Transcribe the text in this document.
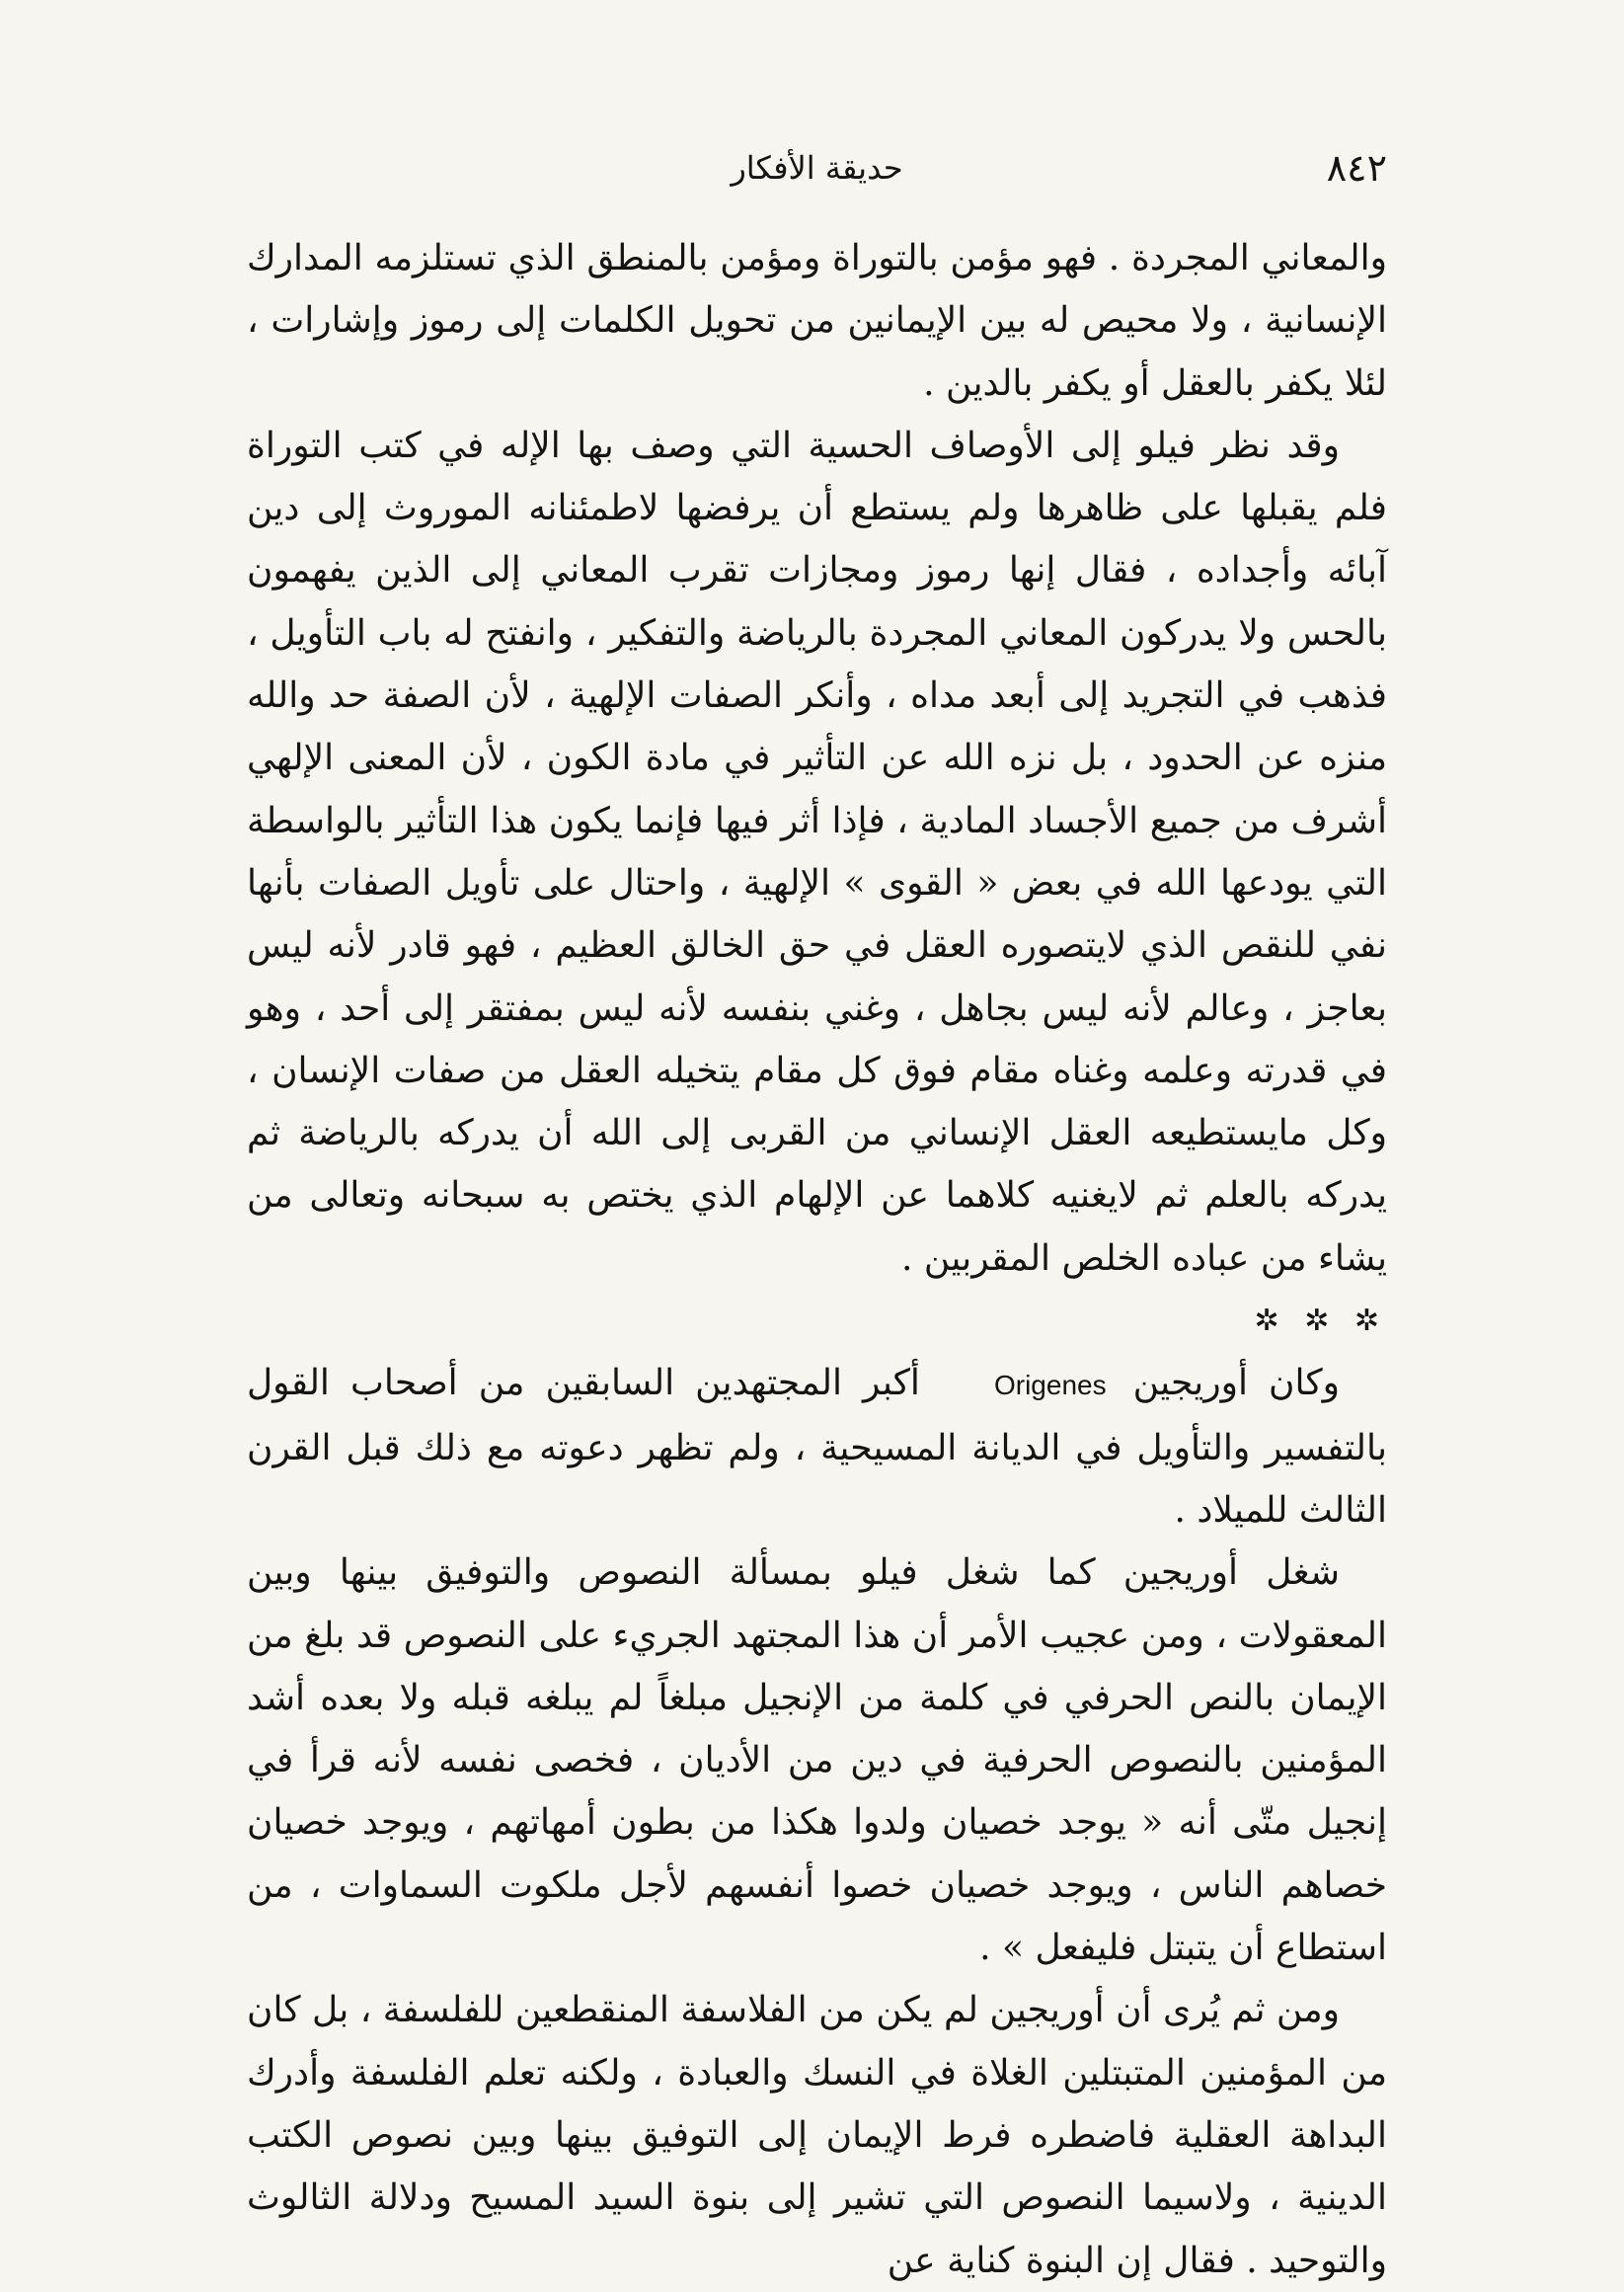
٨٤٢
حديقة الأفكار

والمعاني المجردة . فهو مؤمن بالتوراة ومؤمن بالمنطق الذي تستلزمه المدارك الإنسانية ، ولا محيص له بين الإيمانين من تحويل الكلمات إلى رموز وإشارات ، لئلا يكفر بالعقل أو يكفر بالدين .

وقد نظر فيلو إلى الأوصاف الحسية التي وصف بها الإله في كتب التوراة فلم يقبلها على ظاهرها ولم يستطع أن يرفضها لاطمئنانه الموروث إلى دين آبائه وأجداده ، فقال إنها رموز ومجازات تقرب المعاني إلى الذين يفهمون بالحس ولا يدركون المعاني المجردة بالرياضة والتفكير ، وانفتح له باب التأويل ، فذهب في التجريد إلى أبعد مداه ، وأنكر الصفات الإلهية ، لأن الصفة حد والله منزه عن الحدود ، بل نزه الله عن التأثير في مادة الكون ، لأن المعنى الإلهي أشرف من جميع الأجساد المادية ، فإذا أثر فيها فإنما يكون هذا التأثير بالواسطة التي يودعها الله في بعض « القوى » الإلهية ، واحتال على تأويل الصفات بأنها نفي للنقص الذي لايتصوره العقل في حق الخالق العظيم ، فهو قادر لأنه ليس بعاجز ، وعالم لأنه ليس بجاهل ، وغني بنفسه لأنه ليس بمفتقر إلى أحد ، وهو في قدرته وعلمه وغناه مقام فوق كل مقام يتخيله العقل من صفات الإنسان ، وكل مايستطيعه العقل الإنساني من القربى إلى الله أن يدركه بالرياضة ثم يدركه بالعلم ثم لايغنيه كلاهما عن الإلهام الذي يختص به سبحانه وتعالى من يشاء من عباده الخلص المقربين .

✲ ✲ ✲

وكان أوريجين Origenes أكبر المجتهدين السابقين من أصحاب القول بالتفسير والتأويل في الديانة المسيحية ، ولم تظهر دعوته مع ذلك قبل القرن الثالث للميلاد .

شغل أوريجين كما شغل فيلو بمسألة النصوص والتوفيق بينها وبين المعقولات ، ومن عجيب الأمر أن هذا المجتهد الجريء على النصوص قد بلغ من الإيمان بالنص الحرفي في كلمة من الإنجيل مبلغاً لم يبلغه قبله ولا بعده أشد المؤمنين بالنصوص الحرفية في دين من الأديان ، فخصى نفسه لأنه قرأ في إنجيل متّى أنه « يوجد خصيان ولدوا هكذا من بطون أمهاتهم ، ويوجد خصيان خصاهم الناس ، ويوجد خصيان خصوا أنفسهم لأجل ملكوت السماوات ، من استطاع أن يتبتل فليفعل » .

ومن ثم يُرى أن أوريجين لم يكن من الفلاسفة المنقطعين للفلسفة ، بل كان من المؤمنين المتبتلين الغلاة في النسك والعبادة ، ولكنه تعلم الفلسفة وأدرك البداهة العقلية فاضطره فرط الإيمان إلى التوفيق بينها وبين نصوص الكتب الدينية ، ولاسيما النصوص التي تشير إلى بنوة السيد المسيح ودلالة الثالوث والتوحيد . فقال إن البنوة كناية عن
